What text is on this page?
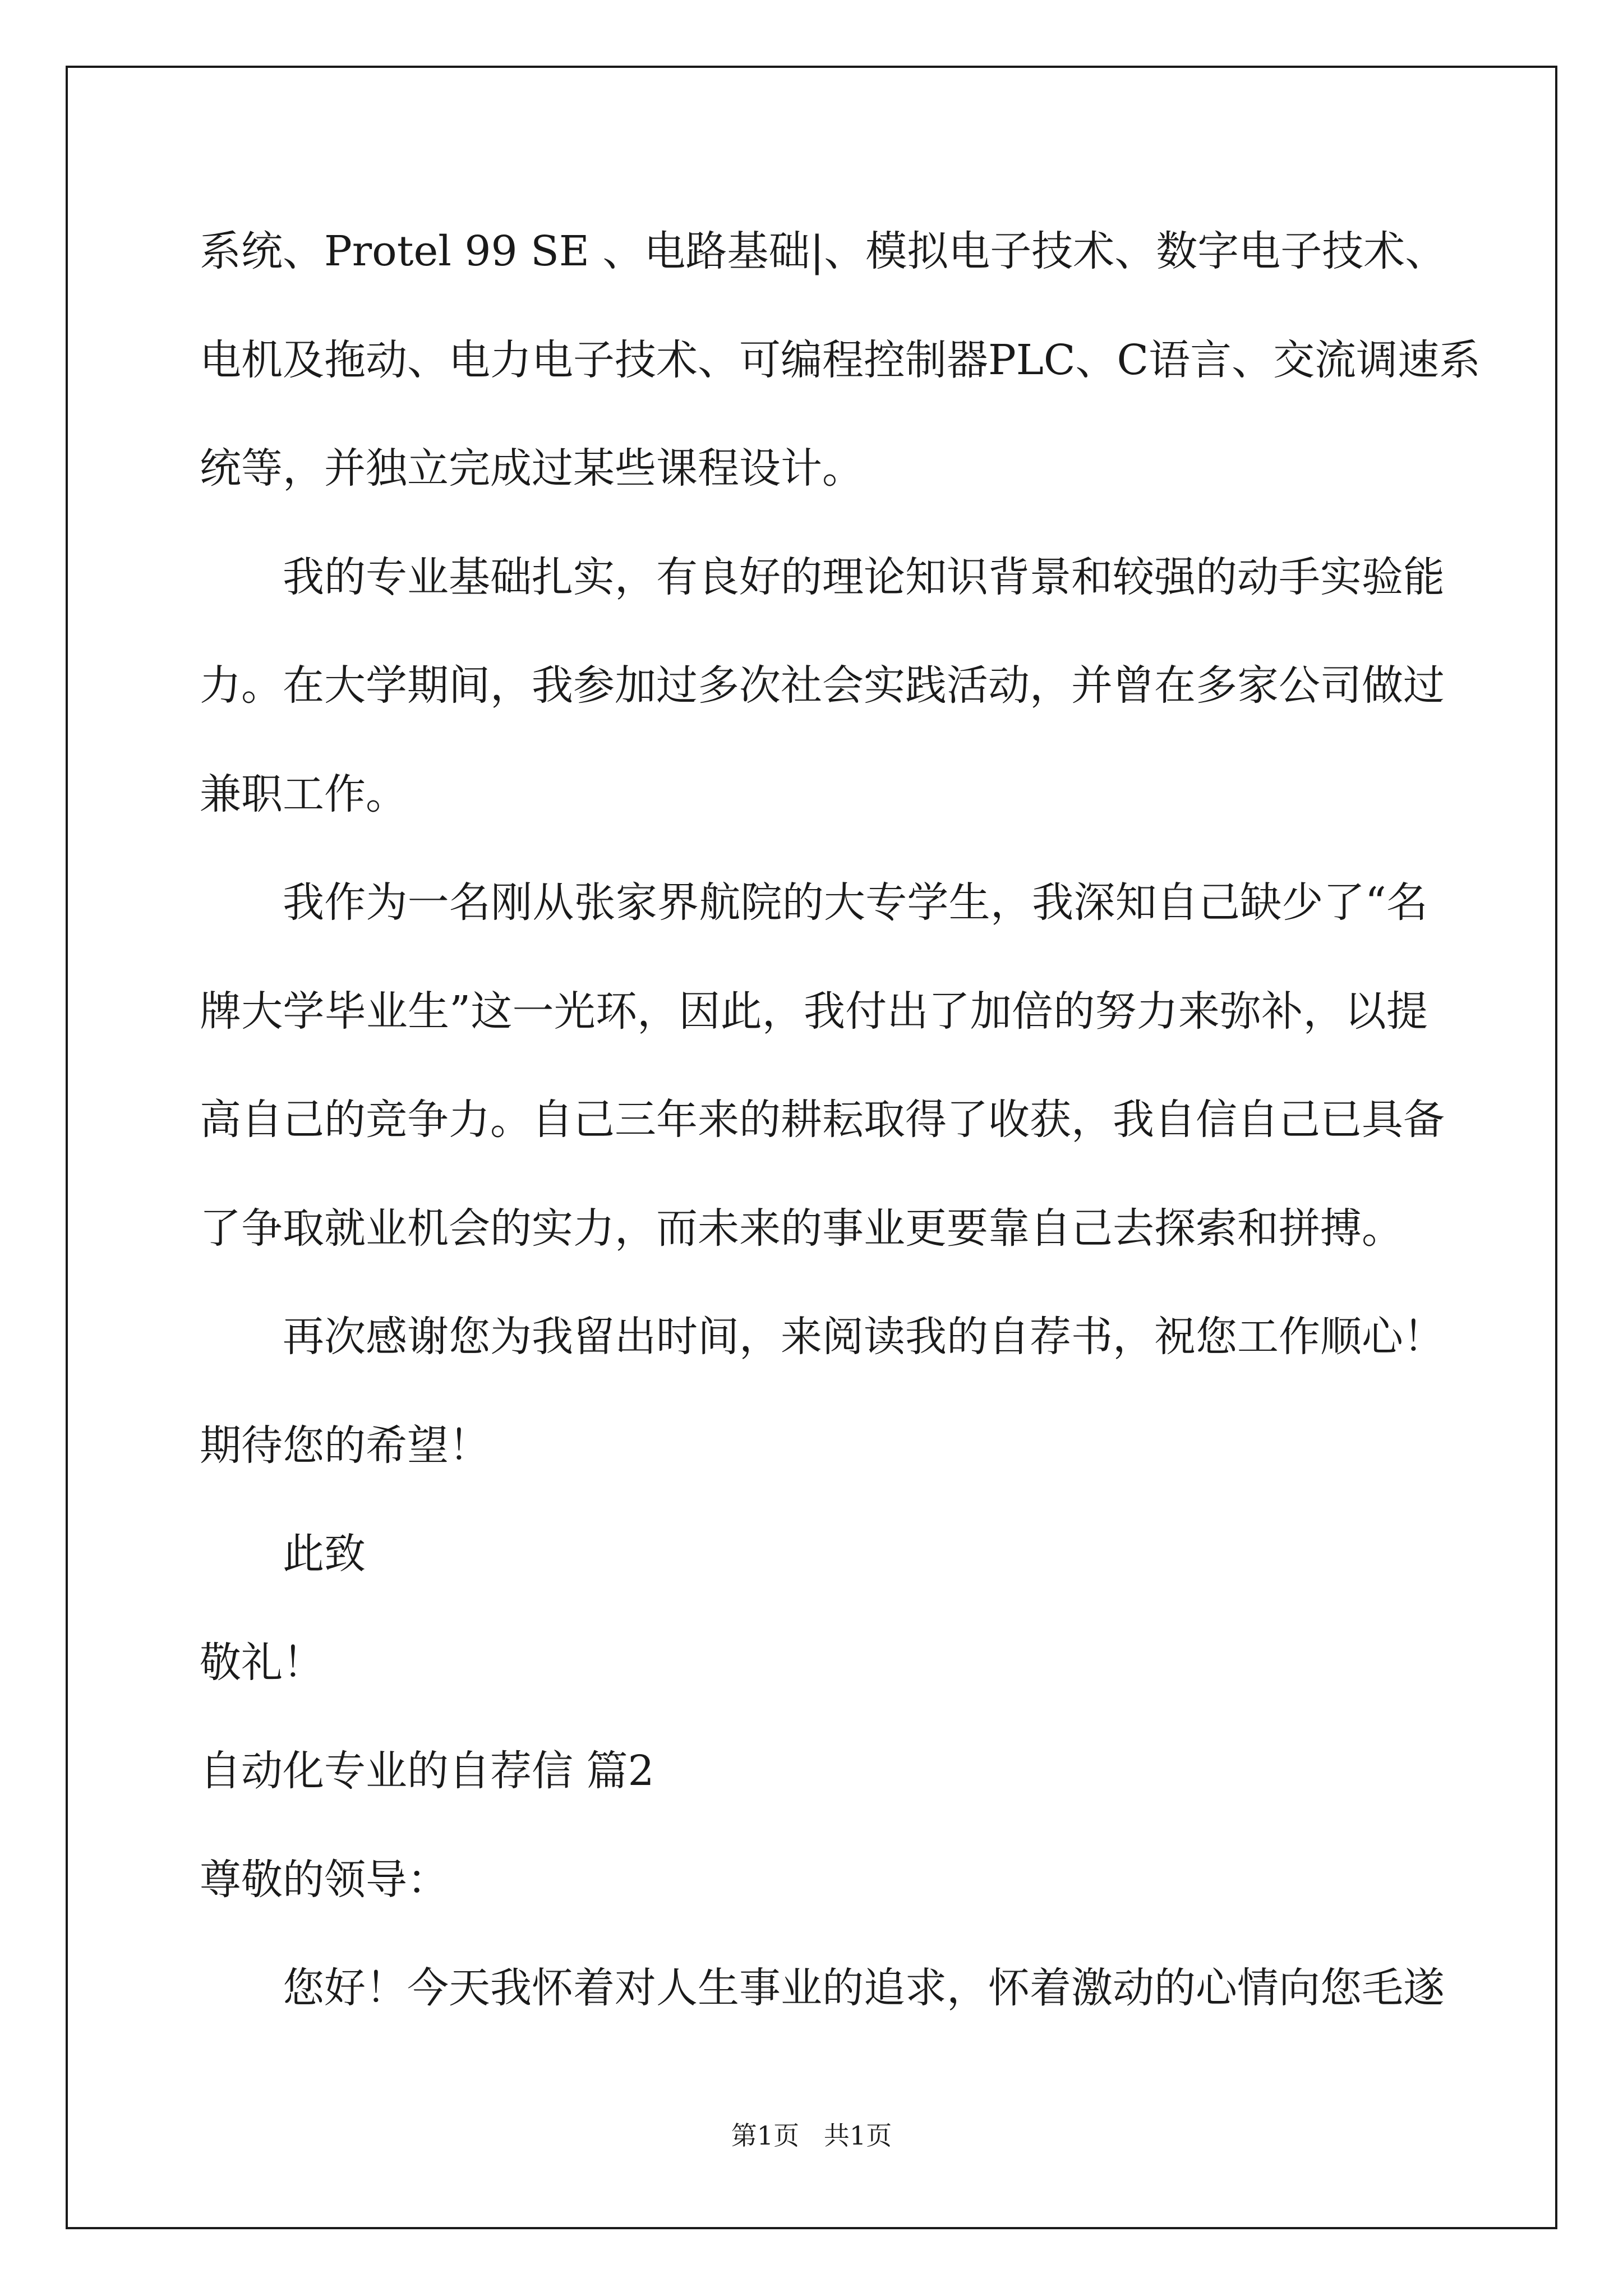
系统、Protel 99 SE 、电路基础|、模拟电子技术、数字电子技术、
电机及拖动、电力电子技术、可编程控制器PLC、C语言、交流调速系
统等，并独立完成过某些课程设计。
我的专业基础扎实，有良好的理论知识背景和较强的动手实验能
力。在大学期间，我参加过多次社会实践活动，并曾在多家公司做过
兼职工作。
我作为一名刚从张家界航院的大专学生，我深知自己缺少了“名
牌大学毕业生”这一光环，因此，我付出了加倍的努力来弥补，以提
高自己的竞争力。自己三年来的耕耘取得了收获，我自信自己已具备
了争取就业机会的实力，而未来的事业更要靠自己去探索和拼搏。
再次感谢您为我留出时间，来阅读我的自荐书，祝您工作顺心！
期待您的希望！
此致
敬礼！
自动化专业的自荐信 篇2
尊敬的领导：
您好！今天我怀着对人生事业的追求，怀着激动的心情向您毛遂
第1页   共1页
